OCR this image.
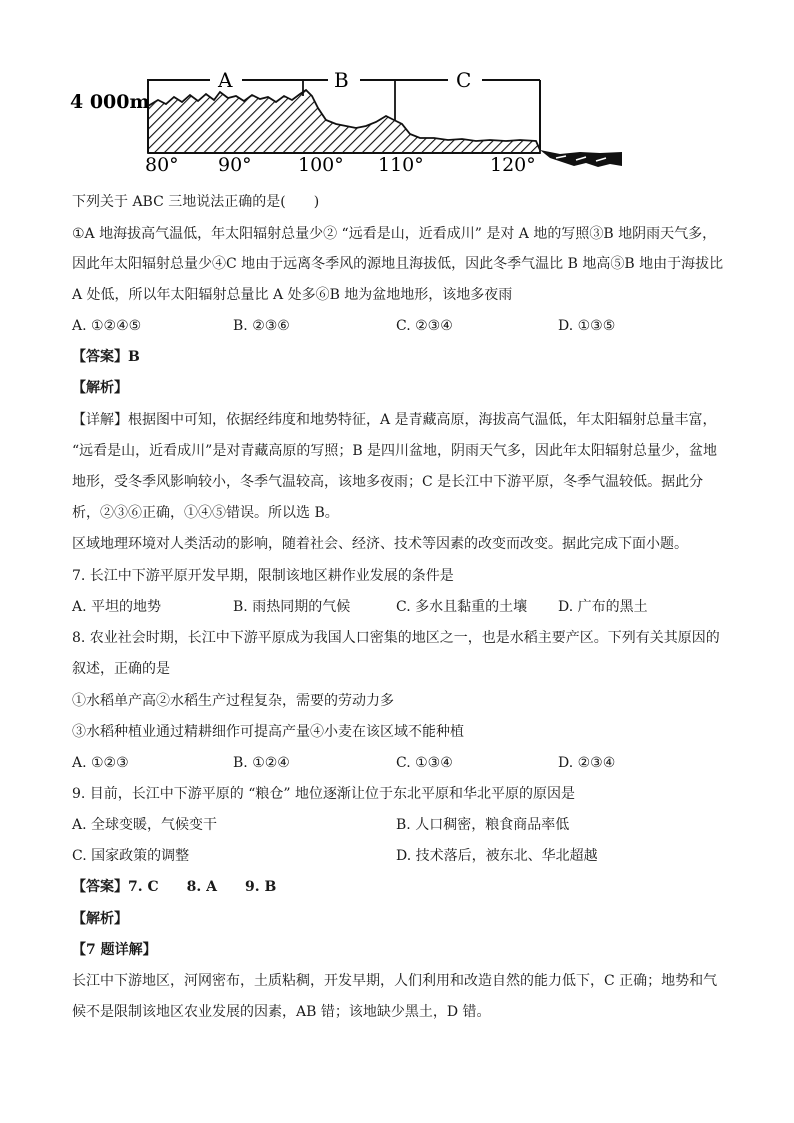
4 000m
A	B	C
80° 90° 100° 110°	120°
下列关于 ABC 三地说法正确的是(　　)
①A 地海拔高气温低，年太阳辐射总量少② “远看是山，近看成川” 是对 A 地的写照③B 地阴雨天气多，
因此年太阳辐射总量少④C 地由于远离冬季风的源地且海拔低，因此冬季气温比 B 地高⑤B 地由于海拔比
A 处低，所以年太阳辐射总量比 A 处多⑥B 地为盆地地形，该地多夜雨
A. ①②④⑤	B. ②③⑥	C. ②③④	D. ①③⑤
【答案】B
【解析】
【详解】根据图中可知，依据经纬度和地势特征，A 是青藏高原，海拔高气温低，年太阳辐射总量丰富，
“远看是山，近看成川”是对青藏高原的写照；B 是四川盆地，阴雨天气多，因此年太阳辐射总量少，盆地
地形，受冬季风影响较小，冬季气温较高，该地多夜雨；C 是长江中下游平原，冬季气温较低。据此分
析，②③⑥正确，①④⑤错误。所以选 B。
区域地理环境对人类活动的影响，随着社会、经济、技术等因素的改变而改变。据此完成下面小题。
7. 长江中下游平原开发早期，限制该地区耕作业发展的条件是
A. 平坦的地势	B. 雨热同期的气候	C. 多水且黏重的土壤 D. 广布的黑土
8. 农业社会时期，长江中下游平原成为我国人口密集的地区之一，也是水稻主要产区。下列有关其原因的
叙述，正确的是
①水稻单产高②水稻生产过程复杂，需要的劳动力多
③水稻种植业通过精耕细作可提高产量④小麦在该区域不能种植
A. ①②③	B. ①②④	C. ①③④	D. ②③④
9. 目前，长江中下游平原的 “粮仓” 地位逐渐让位于东北平原和华北平原的原因是
A. 全球变暖，气候变干	B. 人口稠密，粮食商品率低
C. 国家政策的调整	D. 技术落后，被东北、华北超越
【答案】7. C　　8. A　　9. B
【解析】
【7 题详解】
长江中下游地区，河网密布，土质粘稠，开发早期，人们利用和改造自然的能力低下，C 正确；地势和气
候不是限制该地区农业发展的因素，AB 错；该地缺少黑土，D 错。
